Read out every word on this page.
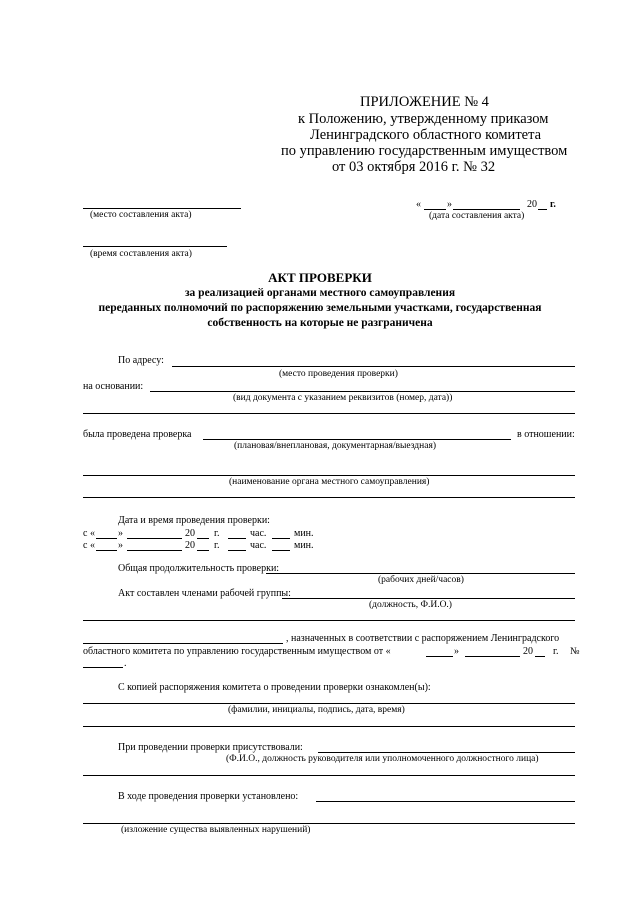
ПРИЛОЖЕНИЕ № 4
к Положению, утвержденному приказом
Ленинградского областного комитета
по управлению государственным имуществом
от 03 октября 2016 г. № 32
(место составления акта)
«	»	20 г.
(дата составления акта)
(время составления акта)
АКТ ПРОВЕРКИ
за реализацией органами местного самоуправления
переданных полномочий по распоряжению земельными участками, государственная
собственность на которые не разграничена
По адресу:
(место проведения проверки)
на основании:
(вид документа с указанием реквизитов (номер, дата))
была проведена проверка	в отношении:
(плановая/внеплановая, документарная/выездная)
(наименование органа местного самоуправления)
Дата и время проведения проверки:
с « »	20 г.	час.	мин.
с « »	20 г.	час.	мин.
Общая продолжительность проверки:
(рабочих дней/часов)
Акт составлен членами рабочей группы:
(должность, Ф.И.О.)
, назначенных в соответствии с распоряжением Ленинградского
областного комитета по управлению государственным имуществом от «	»	20 г. №
.
С копией распоряжения комитета о проведении проверки ознакомлен(ы):
(фамилии, инициалы, подпись, дата, время)
При проведении проверки присутствовали:
(Ф.И.О., должность руководителя или уполномоченного должностного лица)
В ходе проведения проверки установлено:
(изложение существа выявленных нарушений)
